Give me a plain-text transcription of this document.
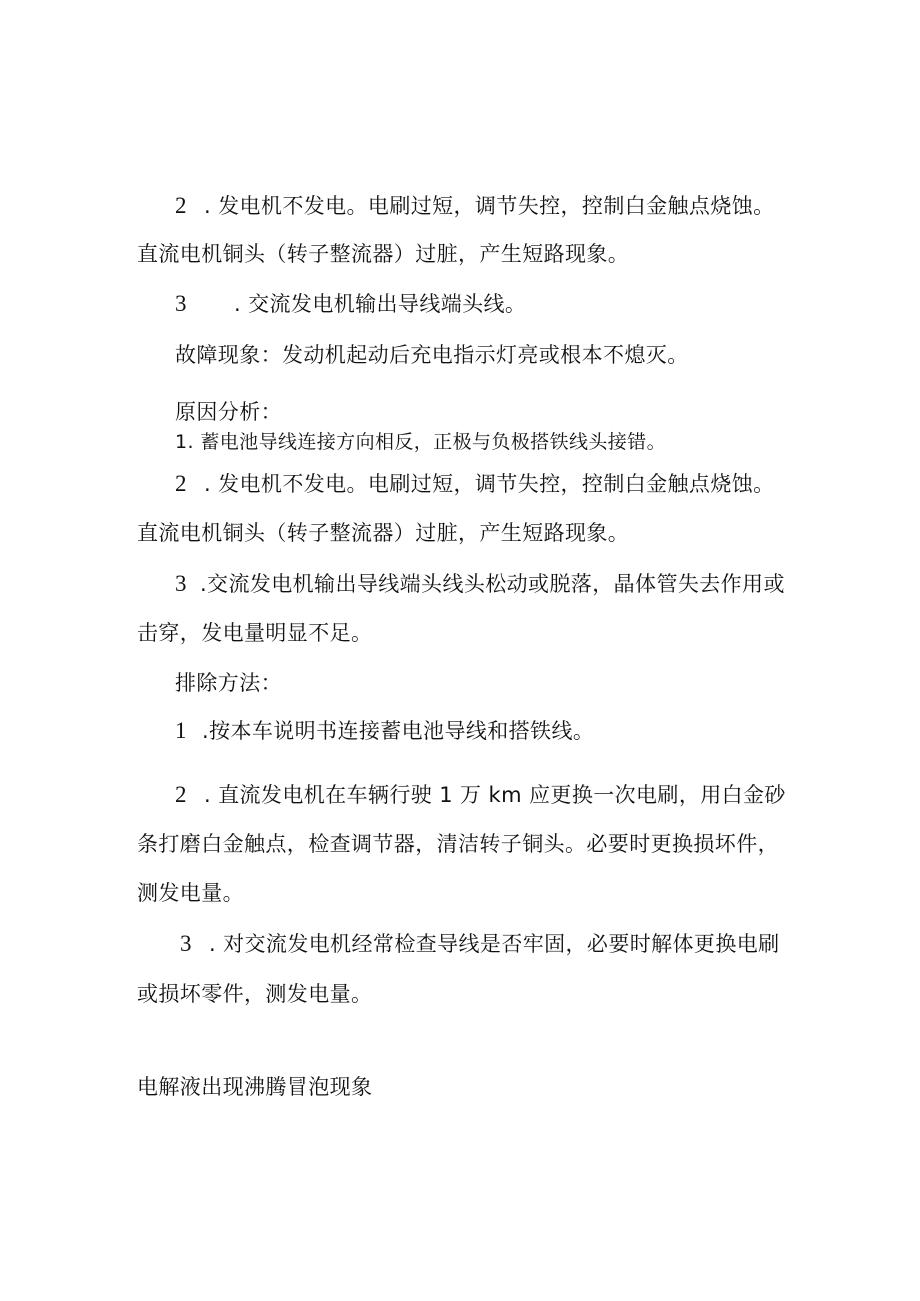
2 . 发电机不发电。电刷过短，调节失控，控制白金触点烧蚀。
直流电机铜头（转子整流器）过脏，产生短路现象。
3 . 交流发电机输出导线端头线。
故障现象：发动机起动后充电指示灯亮或根本不熄灭。
原因分析：
1. 蓄电池导线连接方向相反，正极与负极搭铁线头接错。
2 . 发电机不发电。电刷过短，调节失控，控制白金触点烧蚀。
直流电机铜头（转子整流器）过脏，产生短路现象。
3 .交流发电机输出导线端头线头松动或脱落，晶体管失去作用或
击穿，发电量明显不足。
排除方法：
1 .按本车说明书连接蓄电池导线和搭铁线。
2 . 直流发电机在车辆行驶 1 万 km 应更换一次电刷，用白金砂
条打磨白金触点，检查调节器，清洁转子铜头。必要时更换损坏件，
测发电量。
3 . 对交流发电机经常检查导线是否牢固，必要时解体更换电刷
或损坏零件，测发电量。
电解液出现沸腾冒泡现象
